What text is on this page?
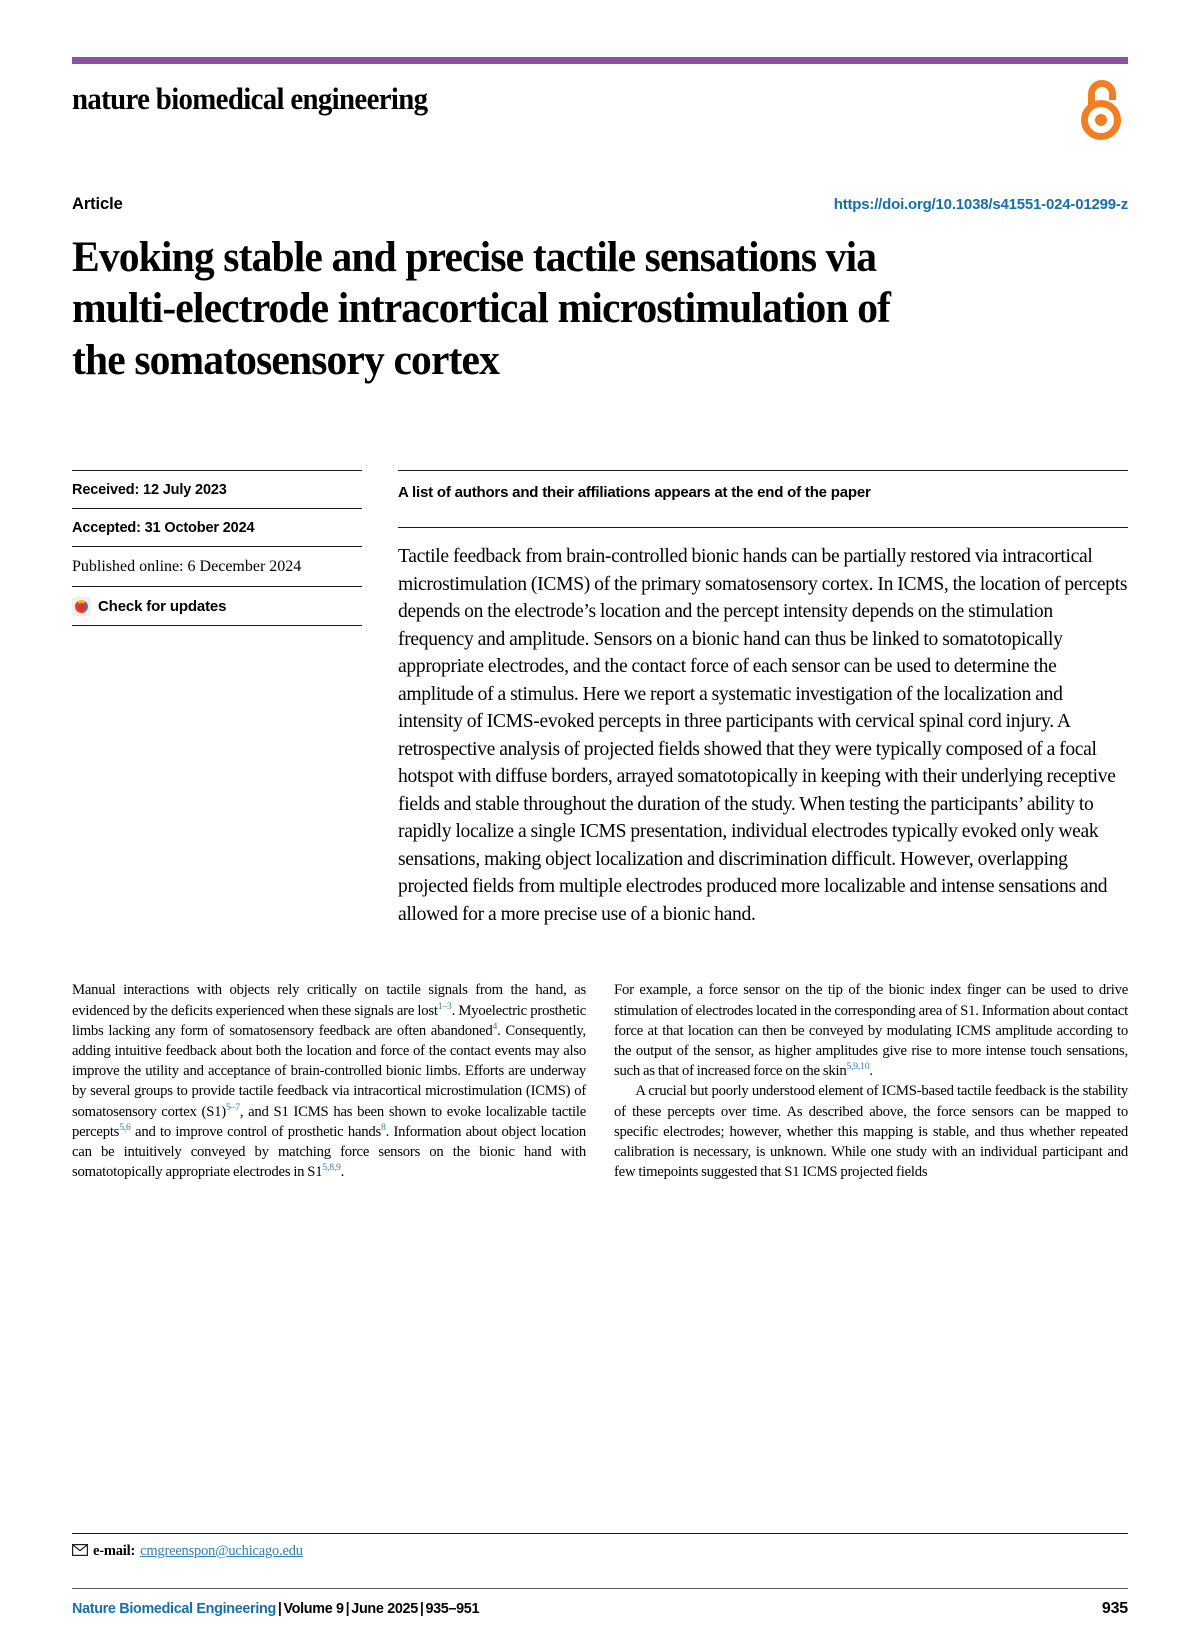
nature biomedical engineering
Article	https://doi.org/10.1038/s41551-024-01299-z
Evoking stable and precise tactile sensations via multi-electrode intracortical microstimulation of the somatosensory cortex
Received: 12 July 2023
Accepted: 31 October 2024
Published online: 6 December 2024
Check for updates
A list of authors and their affiliations appears at the end of the paper
Tactile feedback from brain-controlled bionic hands can be partially restored via intracortical microstimulation (ICMS) of the primary somatosensory cortex. In ICMS, the location of percepts depends on the electrode’s location and the percept intensity depends on the stimulation frequency and amplitude. Sensors on a bionic hand can thus be linked to somatotopically appropriate electrodes, and the contact force of each sensor can be used to determine the amplitude of a stimulus. Here we report a systematic investigation of the localization and intensity of ICMS-evoked percepts in three participants with cervical spinal cord injury. A retrospective analysis of projected fields showed that they were typically composed of a focal hotspot with diffuse borders, arrayed somatotopically in keeping with their underlying receptive fields and stable throughout the duration of the study. When testing the participants’ ability to rapidly localize a single ICMS presentation, individual electrodes typically evoked only weak sensations, making object localization and discrimination difficult. However, overlapping projected fields from multiple electrodes produced more localizable and intense sensations and allowed for a more precise use of a bionic hand.

Manual interactions with objects rely critically on tactile signals from the hand, as evidenced by the deficits experienced when these signals are lost$^{1-3}$. Myoelectric prosthetic limbs lacking any form of somatosensory feedback are often abandoned$^4$. Consequently, adding intuitive feedback about both the location and force of the contact events may also improve the utility and acceptance of brain-controlled bionic limbs. Efforts are underway by several groups to provide tactile feedback via intracortical microstimulation (ICMS) of somatosensory cortex (S1)$^{5-7}$, and S1 ICMS has been shown to evoke localizable tactile percepts$^{5,6}$ and to improve control of prosthetic hands$^8$. Information about object location can be intuitively conveyed by matching force sensors on the bionic hand with somatotopically appropriate electrodes in S1$^{5,8,9}$.

For example, a force sensor on the tip of the bionic index finger can be used to drive stimulation of electrodes located in the corresponding area of S1. Information about contact force at that location can then be conveyed by modulating ICMS amplitude according to the output of the sensor, as higher amplitudes give rise to more intense touch sensations, such as that of increased force on the skin$^{5,9,10}$.

A crucial but poorly understood element of ICMS-based tactile feedback is the stability of these percepts over time. As described above, the force sensors can be mapped to specific electrodes; however, whether this mapping is stable, and thus whether repeated calibration is necessary, is unknown. While one study with an individual participant and few timepoints suggested that S1 ICMS projected fields

e-mail: cmgreenspon@uchicago.edu
Nature Biomedical Engineering | Volume 9 | June 2025 | 935–951	935
